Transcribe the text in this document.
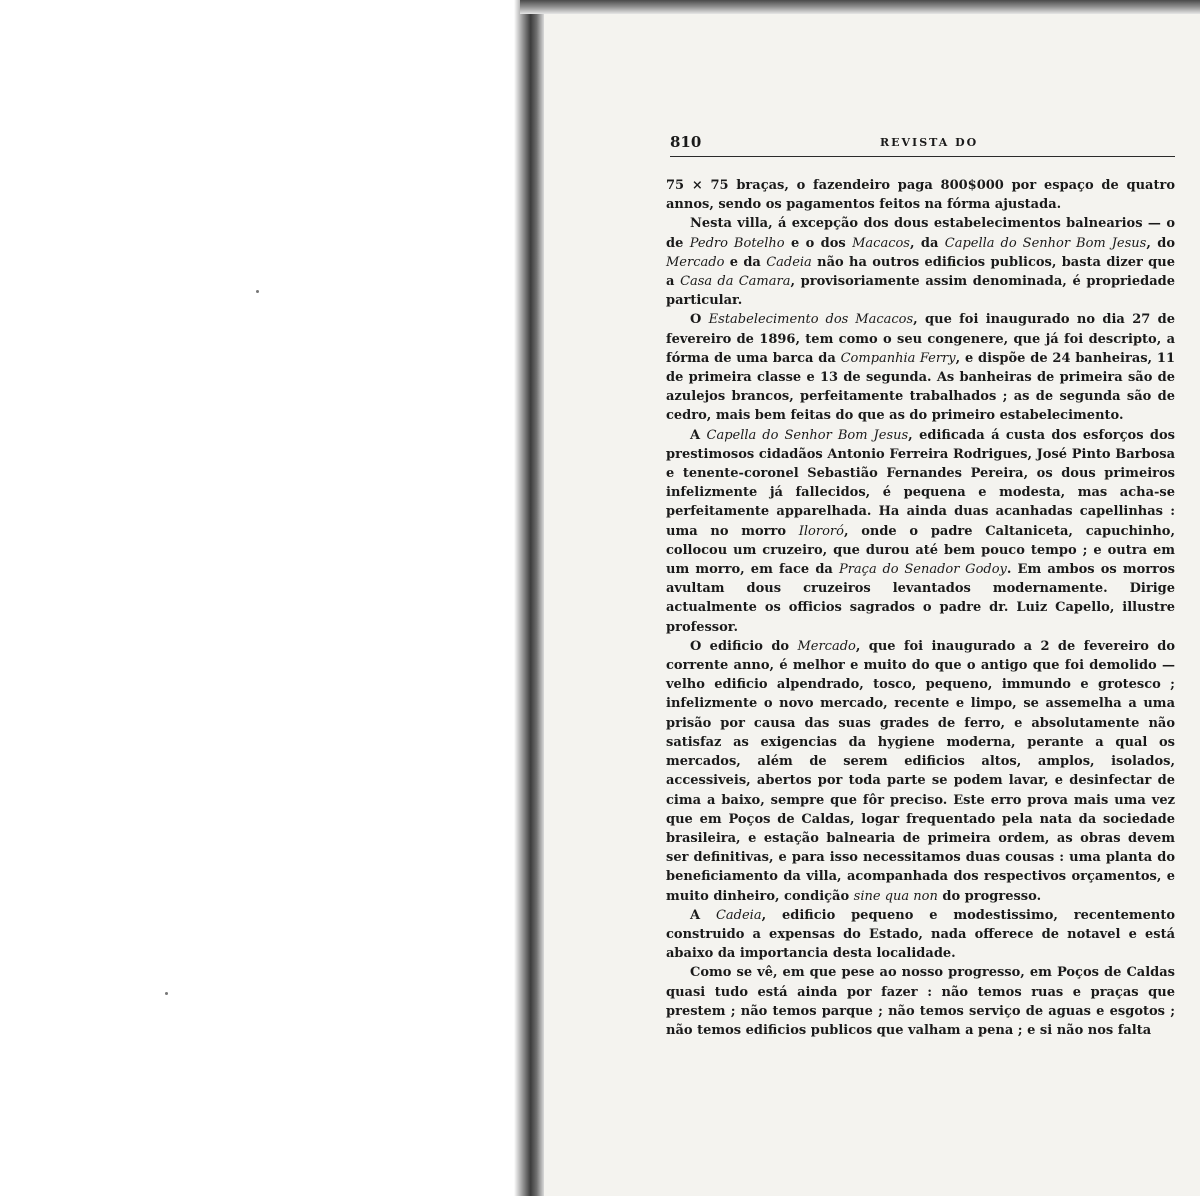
810	REVISTA DO

75 × 75 braças, o fazendeiro paga 800$000 por espaço de quatro annos, sendo os pagamentos feitos na fórma ajustada.

Nesta villa, á excepção dos dous estabelecimentos balnearios — o de Pedro Botelho e o dos Macacos, da Capella do Senhor Bom Jesus, do Mercado e da Cadeia não ha outros edificios publicos, basta dizer que a Casa da Camara, provisoriamente assim denominada, é propriedade particular.

O Estabelecimento dos Macacos, que foi inaugurado no dia 27 de fevereiro de 1896, tem como o seu congenere, que já foi descripto, a fórma de uma barca da Companhia Ferry, e dispõe de 24 banheiras, 11 de primeira classe e 13 de segunda. As banheiras de primeira são de azulejos brancos, perfeitamente trabalhados ; as de segunda são de cedro, mais bem feitas do que as do primeiro estabelecimento.

A Capella do Senhor Bom Jesus, edificada á custa dos esforços dos prestimosos cidadãos Antonio Ferreira Rodrigues, José Pinto Barbosa e tenente-coronel Sebastião Fernandes Pereira, os dous primeiros infelizmente já fallecidos, é pequena e modesta, mas acha-se perfeitamente apparelhada. Ha ainda duas acanhadas capellinhas : uma no morro Ilororó, onde o padre Caltaniceta, capuchinho, collocou um cruzeiro, que durou até bem pouco tempo ; e outra em um morro, em face da Praça do Senador Godoy. Em ambos os morros avultam dous cruzeiros levantados modernamente. Dirige actualmente os officios sagrados o padre dr. Luiz Capello, illustre professor.

O edificio do Mercado, que foi inaugurado a 2 de fevereiro do corrente anno, é melhor e muito do que o antigo que foi demolido — velho edificio alpendrado, tosco, pequeno, immundo e grotesco ; infelizmente o novo mercado, recente e limpo, se assemelha a uma prisão por causa das suas grades de ferro, e absolutamente não satisfaz as exigencias da hygiene moderna, perante a qual os mercados, além de serem edificios altos, amplos, isolados, accessiveis, abertos por toda parte se podem lavar, e desinfectar de cima a baixo, sempre que fôr preciso. Este erro prova mais uma vez que em Poços de Caldas, logar frequentado pela nata da sociedade brasileira, e estação balnearia de primeira ordem, as obras devem ser definitivas, e para isso necessitamos duas cousas : uma planta do beneficiamento da villa, acompanhada dos respectivos orçamentos, e muito dinheiro, condição sine qua non do progresso.

A Cadeia, edificio pequeno e modestissimo, recentemento construido a expensas do Estado, nada offerece de notavel e está abaixo da importancia desta localidade.

Como se vê, em que pese ao nosso progresso, em Poços de Caldas quasi tudo está ainda por fazer : não temos ruas e praças que prestem ; não temos parque ; não temos serviço de aguas e esgotos ; não temos edificios publicos que valham a pena ; e si não nos falta
